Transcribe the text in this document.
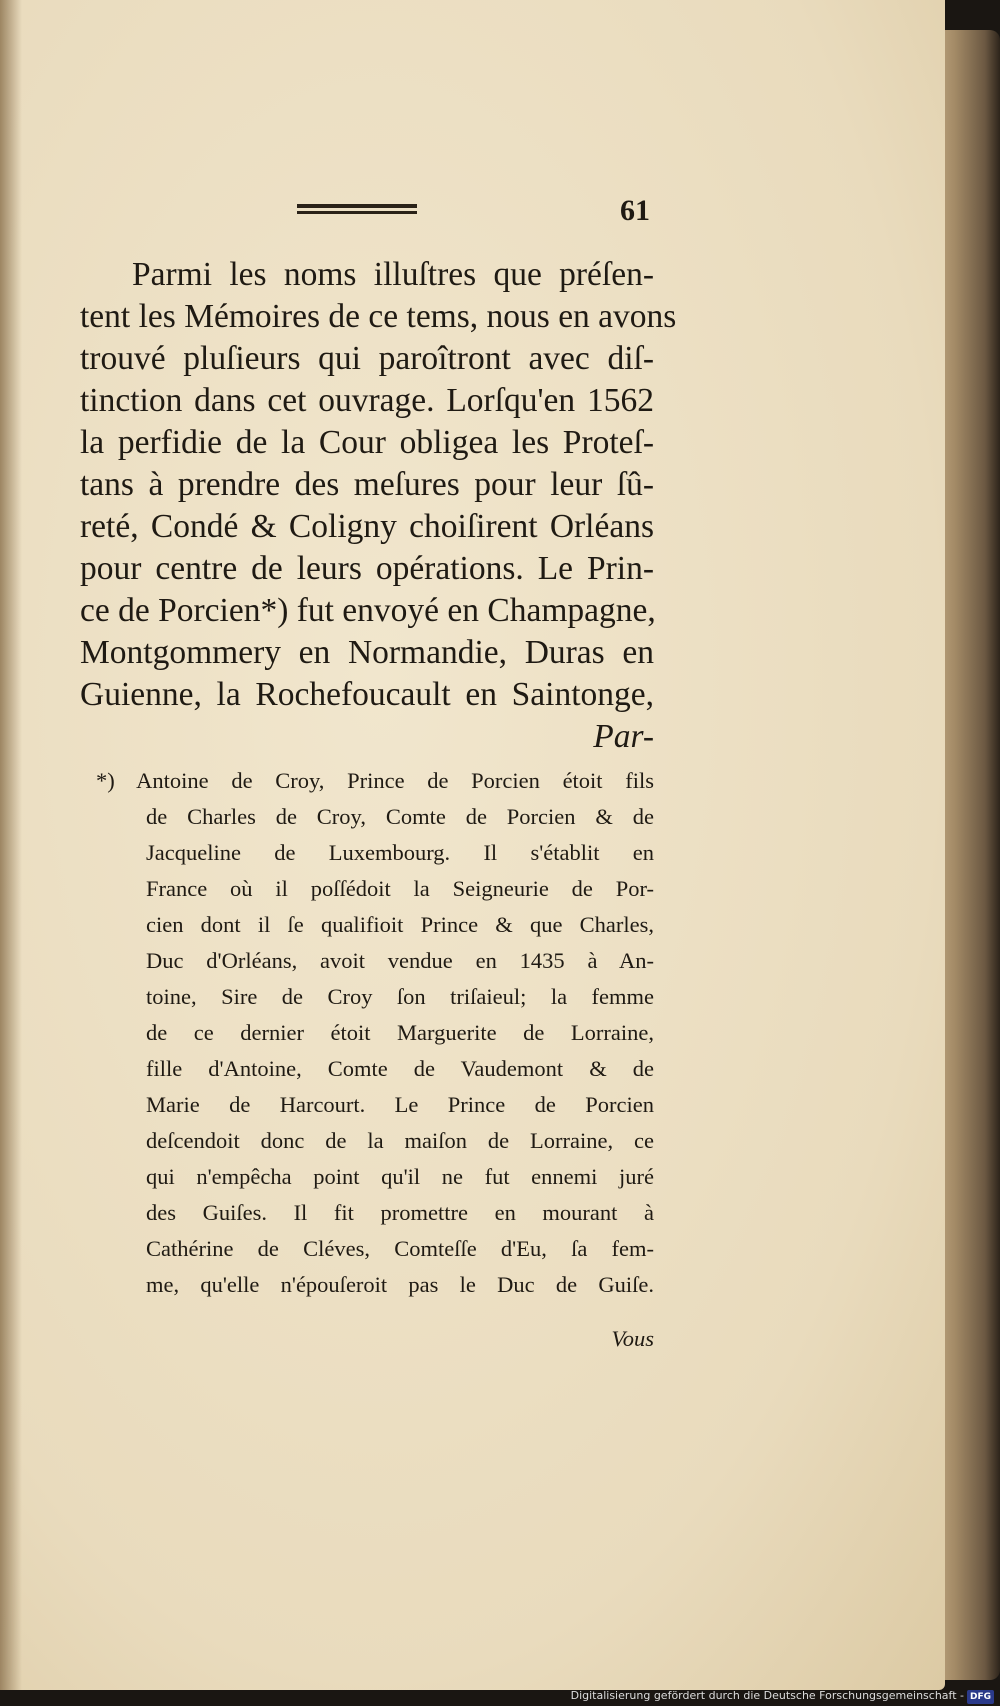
61
Parmi les noms illuſtres que préſen-
tent les Mémoires de ce tems, nous en avons
trouvé pluſieurs qui paroîtront avec diſ-
tinction dans cet ouvrage. Lorſqu'en 1562
la perfidie de la Cour obligea les Proteſ-
tans à prendre des meſures pour leur ſû-
reté, Condé & Coligny choiſirent Orléans
pour centre de leurs opérations. Le Prin-
ce de Porcien*) fut envoyé en Champagne,
Montgommery en Normandie, Duras en
Guienne, la Rochefoucault en Saintonge,
Par-
*) Antoine de Croy, Prince de Porcien étoit fils
de Charles de Croy, Comte de Porcien & de
Jacqueline de Luxembourg. Il s'établit en
France où il poſſédoit la Seigneurie de Por-
cien dont il ſe qualifioit Prince & que Charles,
Duc d'Orléans, avoit vendue en 1435 à An-
toine, Sire de Croy ſon triſaieul; la femme
de ce dernier étoit Marguerite de Lorraine,
fille d'Antoine, Comte de Vaudemont & de
Marie de Harcourt. Le Prince de Porcien
deſcendoit donc de la maiſon de Lorraine, ce
qui n'empêcha point qu'il ne fut ennemi juré
des Guiſes. Il fit promettre en mourant à
Cathérine de Cléves, Comteſſe d'Eu, ſa fem-
me, qu'elle n'épouſeroit pas le Duc de Guiſe.
Vous
Digitalisierung gefördert durch die Deutsche Forschungsgemeinschaft - DFG
